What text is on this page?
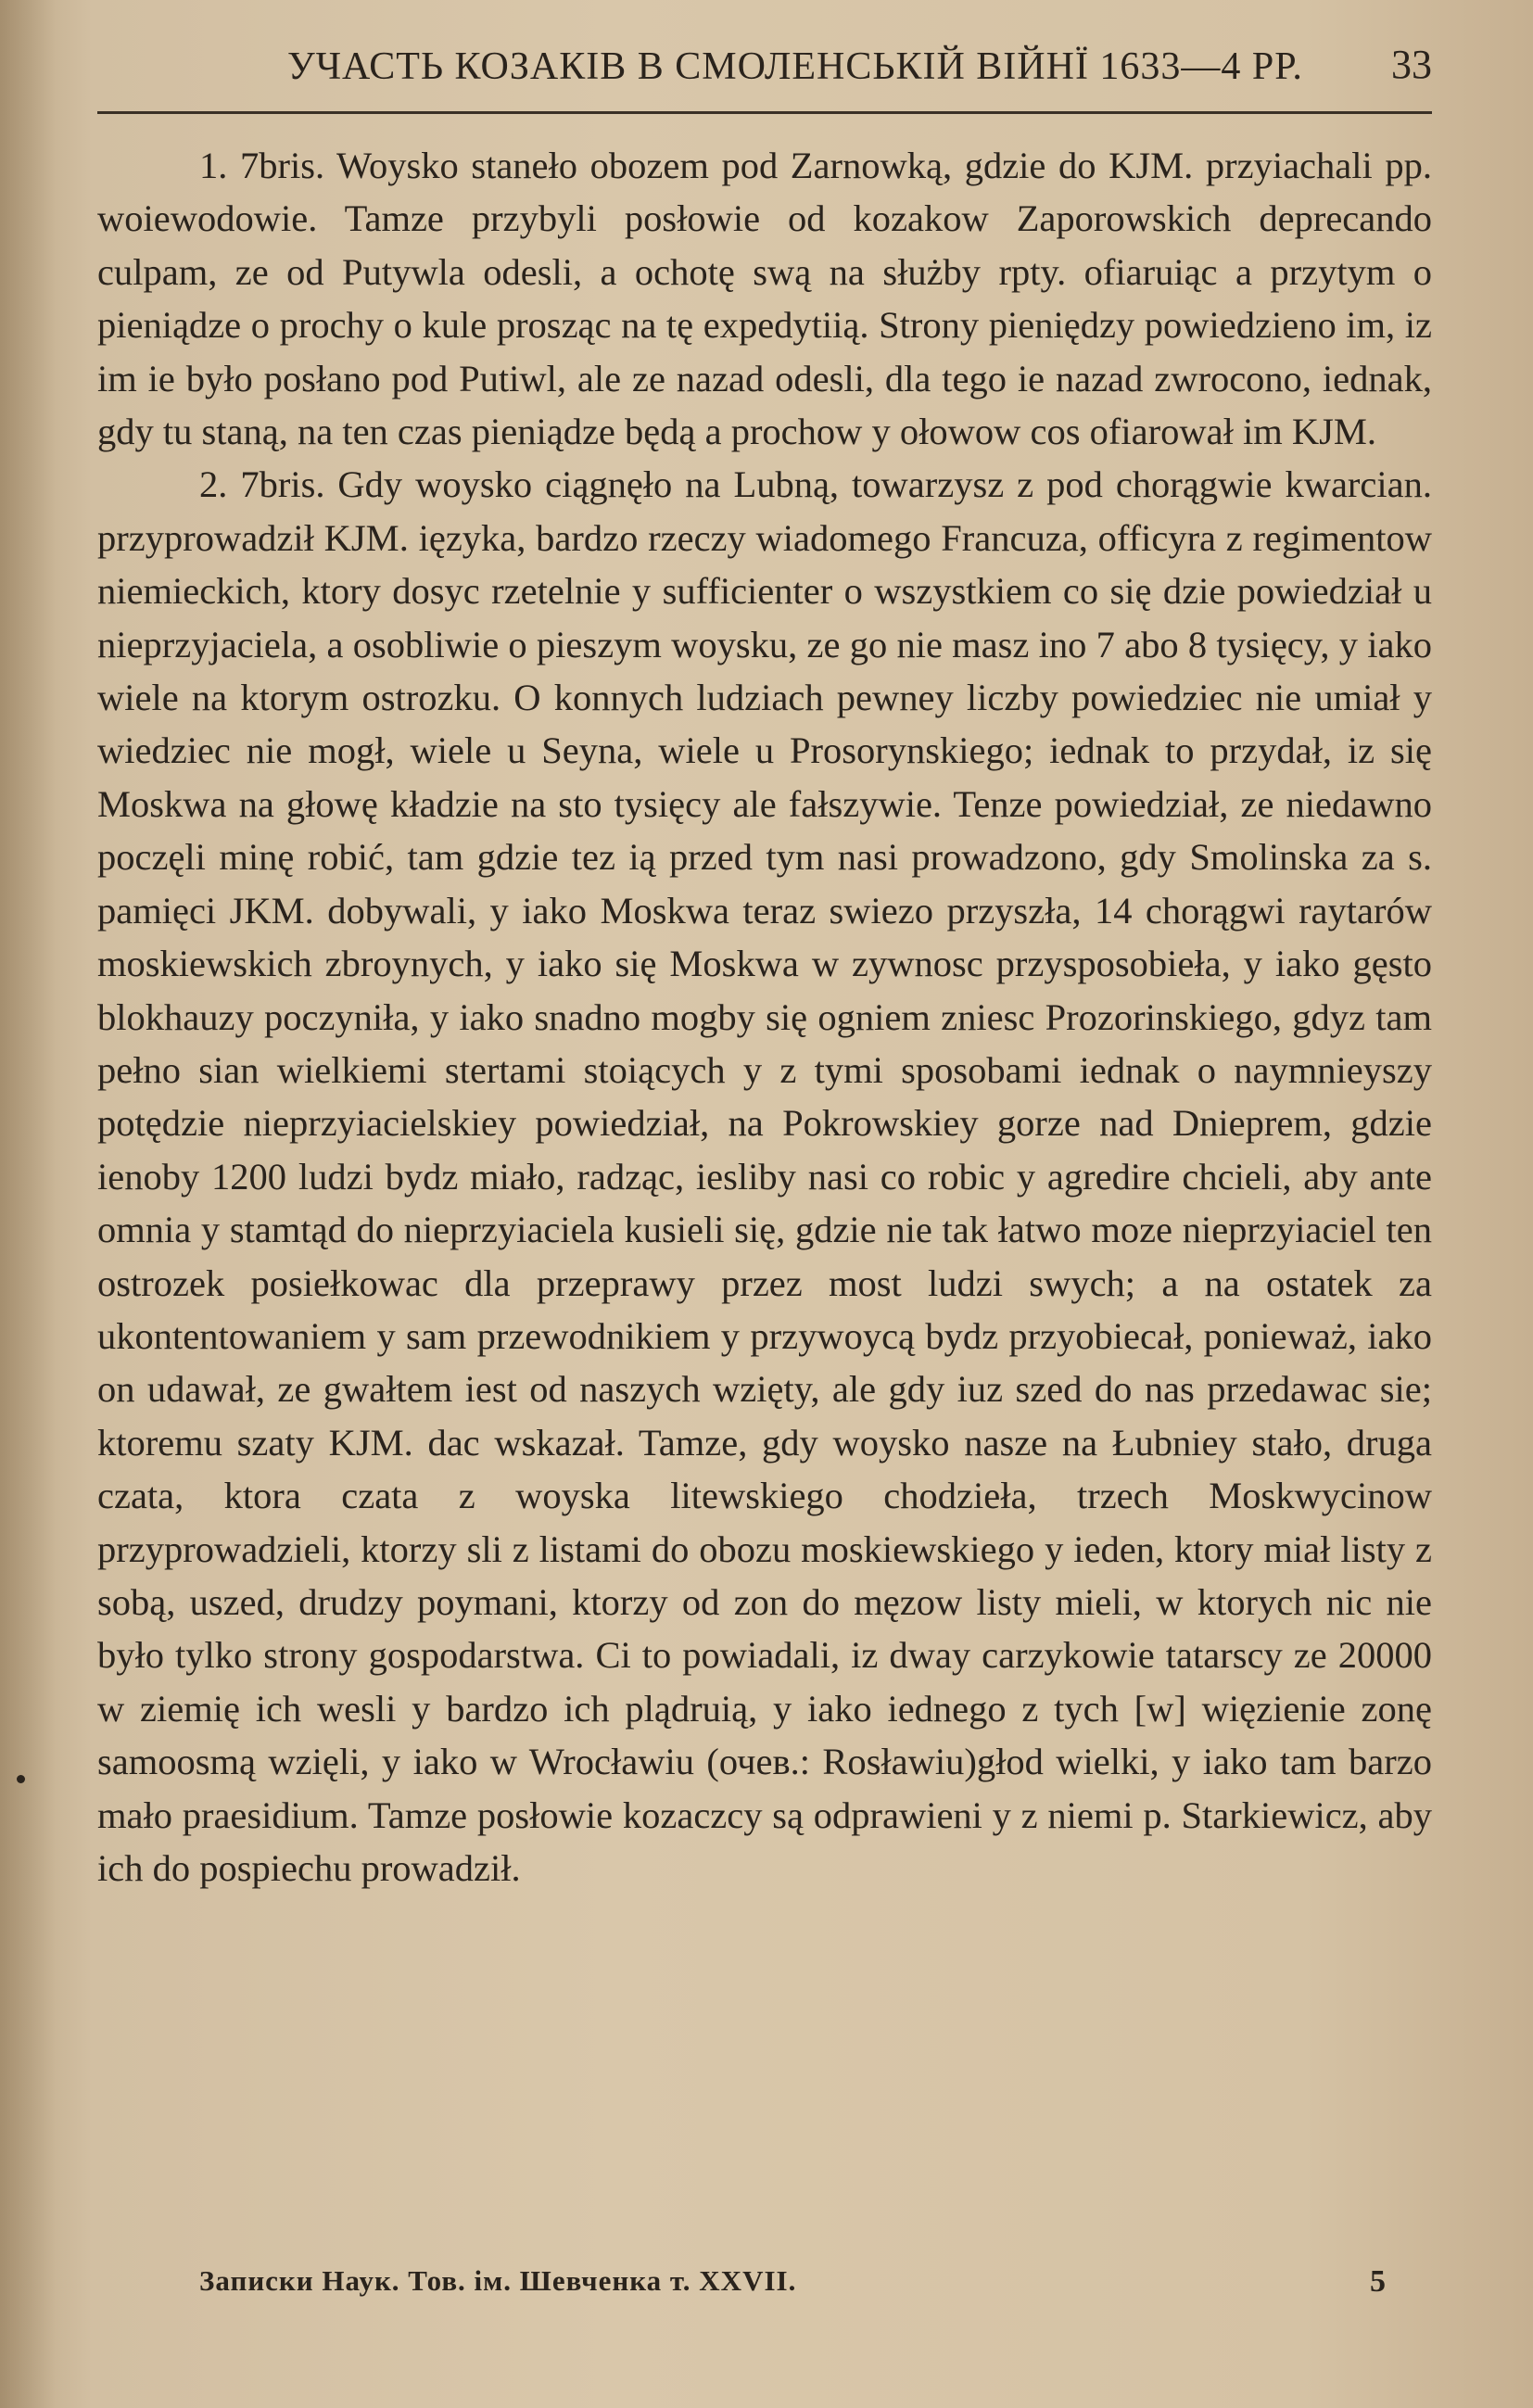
УЧАСТЬ КОЗАКІВ В СМОЛЕНСЬКІЙ ВІЙНЇ 1633—4 РР. 33

1. 7bris. Woysko staneło obozem pod Zarnowką, gdzie do KJM. przyiachali pp. woiewodowie. Tamze przybyli posłowie od kozakow Zaporowskich deprecando culpam, ze od Putywla odesli, a ochotę swą na służby rpty. ofiaruiąc a przytym o pieniądze o prochy o kule prosząc na tę expedytiią. Strony pieniędzy powiedzieno im, iz im ie było posłano pod Putiwl, ale ze nazad odesli, dla tego ie nazad zwrocono, iednak, gdy tu staną, na ten czas pieniądze będą a prochow y ołowow cos ofiarował im KJM.

2. 7bris. Gdy woysko ciągnęło na Lubną, towarzysz z pod chorągwie kwarcian. przyprowadził KJM. ięzyka, bardzo rzeczy wiadomego Francuza, officyra z regimentow niemieckich, ktory dosyc rzetelnie y sufficienter o wszystkiem co się dzie powiedział u nieprzyjaciela, a osobliwie o pieszym woysku, ze go nie masz ino 7 abo 8 tysięcy, y iako wiele na ktorym ostrozku. O konnych ludziach pewney liczby powiedziec nie umiał y wiedziec nie mogł, wiele u Seyna, wiele u Prosorynskiego; iednak to przydał, iz się Moskwa na głowę kładzie na sto tysięcy ale fałszywie. Tenze powiedział, ze niedawno poczęli minę robić, tam gdzie tez ią przed tym nasi prowadzono, gdy Smolinska za s. pamięci JKM. dobywali, y iako Moskwa teraz swiezo przyszła, 14 chorągwi raytarów moskiewskich zbroynych, y iako się Moskwa w zywnosc przysposobieła, y iako gęsto blokhauzy poczyniła, y iako snadno mogby się ogniem zniesc Prozorinskiego, gdyz tam pełno sian wielkiemi stertami stoiących y z tymi sposobami iednak o naymnieyszy potędzie nieprzyiacielskiey powiedział, na Pokrowskiey gorze nad Dnieprem, gdzie ienoby 1200 ludzi bydz miało, radząc, iesliby nasi co robic y agredire chcieli, aby ante omnia y stamtąd do nieprzyiaciela kusieli się, gdzie nie tak łatwo moze nieprzyiaciel ten ostrozek posiełkowac dla przeprawy przez most ludzi swych; a na ostatek za ukontentowaniem y sam przewodnikiem y przywoycą bydz przyobiecał, ponieważ, iako on udawał, ze gwałtem iest od naszych wzięty, ale gdy iuz szed do nas przedawac sie; ktoremu szaty KJM. dac wskazał. Tamze, gdy woysko nasze na Łubniey stało, druga czata, ktora czata z woyska litewskiego chodzieła, trzech Moskwycinow przyprowadzieli, ktorzy sli z listami do obozu moskiewskiego y ieden, ktory miał listy z sobą, uszed, drudzy poymani, ktorzy od zon do męzow listy mieli, w ktorych nic nie było tylko strony gospodarstwa. Ci to powiadali, iz dway carzykowie tatarscy ze 20000 w ziemię ich wesli y bardzo ich plądruią, y iako iednego z tych [w] więzienie zonę samoosmą wzięli, y iako w Wrocławiu (очев.: Rosławiu)głod wielki, y iako tam barzo mało praesidium. Tamze posłowie kozaczcy są odprawieni y z niemi p. Starkiewicz, aby ich do pospiechu prowadził.

Записки Наук. Тов. ім. Шевченка т. XXVII.	5
